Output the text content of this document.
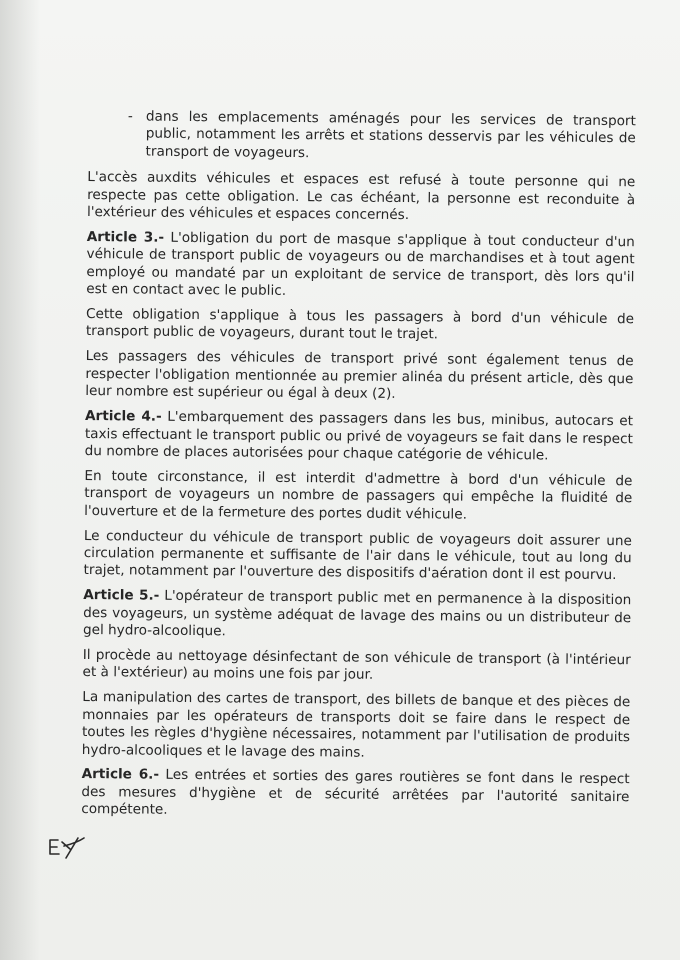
- dans les emplacements aménagés pour les services de transport public, notamment les arrêts et stations desservis par les véhicules de transport de voyageurs.

L'accès auxdits véhicules et espaces est refusé à toute personne qui ne respecte pas cette obligation. Le cas échéant, la personne est reconduite à l'extérieur des véhicules et espaces concernés.

Article 3.- L'obligation du port de masque s'applique à tout conducteur d'un véhicule de transport public de voyageurs ou de marchandises et à tout agent employé ou mandaté par un exploitant de service de transport, dès lors qu'il est en contact avec le public.

Cette obligation s'applique à tous les passagers à bord d'un véhicule de transport public de voyageurs, durant tout le trajet.

Les passagers des véhicules de transport privé sont également tenus de respecter l'obligation mentionnée au premier alinéa du présent article, dès que leur nombre est supérieur ou égal à deux (2).

Article 4.- L'embarquement des passagers dans les bus, minibus, autocars et taxis effectuant le transport public ou privé de voyageurs se fait dans le respect du nombre de places autorisées pour chaque catégorie de véhicule.

En toute circonstance, il est interdit d'admettre à bord d'un véhicule de transport de voyageurs un nombre de passagers qui empêche la fluidité de l'ouverture et de la fermeture des portes dudit véhicule.

Le conducteur du véhicule de transport public de voyageurs doit assurer une circulation permanente et suffisante de l'air dans le véhicule, tout au long du trajet, notamment par l'ouverture des dispositifs d'aération dont il est pourvu.

Article 5.- L'opérateur de transport public met en permanence à la disposition des voyageurs, un système adéquat de lavage des mains ou un distributeur de gel hydro-alcoolique.

Il procède au nettoyage désinfectant de son véhicule de transport (à l'intérieur et à l'extérieur) au moins une fois par jour.

La manipulation des cartes de transport, des billets de banque et des pièces de monnaies par les opérateurs de transports doit se faire dans le respect de toutes les règles d'hygiène nécessaires, notamment par l'utilisation de produits hydro-alcooliques et le lavage des mains.

Article 6.- Les entrées et sorties des gares routières se font dans le respect des mesures d'hygiène et de sécurité arrêtées par l'autorité sanitaire compétente.
